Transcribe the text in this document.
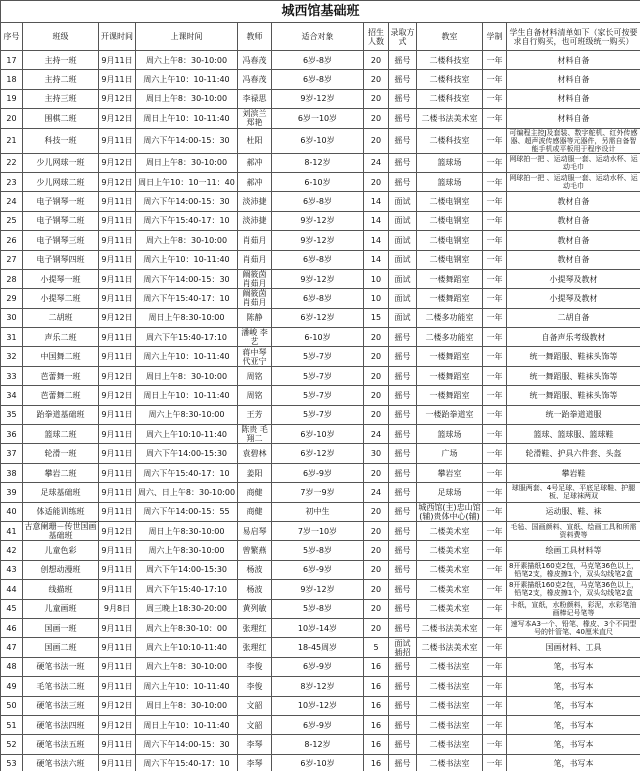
城西馆基础班										
序号	班级	开课时间	上课时间	教师	适合对象	招生人数	录取方式	教室	学制	学生自备材料清单如下（家长可按要求自行购买，也可班级统一购买）
17	主持一班	9月11日	周六上午8：30-10:00	冯春茂	6岁-8岁	20	摇号	二楼科技室	一年	材料自备
18	主持二班	9月11日	周六上午10：10-11:40	冯春茂	6岁-8岁	20	摇号	二楼科技室	一年	材料自备
19	主持三班	9月12日	周日上午8：30-10:00	李禄思	9岁-12岁	20	摇号	二楼科技室	一年	材料自备
20	围棋二班	9月12日	周日上午10：10-11:40	刘滨兰 郑艳	6岁一10岁	20	摇号	二楼书法美术室	一年	材料自备
21	科技一班	9月11日	周六下午14:00-15：30	杜阳	6岁-10岁	20	摇号	二楼科技室	一年	可编程主控J及套装、数字舵机、红外传感器、超声波传感器等元器件，另需自备智能手机或平板用于程序设计
22	少儿网球一班	9月12日	周日上午8：30-10:00	郝冲	8-12岁	24	摇号	篮球场	一年	网球拍一把 、运动服一套、运动水杯、运动毛巾
23	少儿网球二班	9月12日	周日上午10：10一11：40	郝冲	6-10岁	20	摇号	篮球场	一年	网球拍一把 、运动服一套、运动水杯、运动毛巾
24	电子钢琴一班	9月11日	周六下午14:00-15：30	淡沛捷	6岁-8岁	14	面试	二楼电钢室	一年	教材自备
25	电子钢琴二班	9月11日	周六下午15:40-17：10	淡沛捷	9岁-12岁	14	面试	二楼电钢室	一年	教材自备
26	电子钢琴三班	9月11日	周六上午8：30-10:00	肖茹月	9岁-12岁	14	面试	二楼电钢室	一年	教材自备
27	电子钢琴四班	9月11日	周六上午10：10-11:40	肖茹月	6岁-8岁	14	面试	二楼电钢室	一年	教材自备
28	小提琴一班	9月11日	周六下午14:00-15：30	阚筱茵 肖茹月	9岁-12岁	10	面试	一楼舞蹈室	一年	小提琴及教材
29	小提琴二班	9月11日	周六下午15:40-17：10	阚筱茵 肖茹月	6岁-8岁	10	面试	一楼舞蹈室	一年	小提琴及教材
30	二胡班	9月12日	周日上午8:30-10:00	陈静	6岁-12岁	15	面试	二楼多功能室	一年	二胡自备
31	声乐二班	9月11日	周六下午15:40-17:10	潘峻 李艺	6-10岁	20	摇号	二楼多功能室	一年	自备声乐考级教材
32	中国舞二班	9月11日	周六上午10：10-11:40	蒋中琴 代亚宁	5岁-7岁	20	摇号	一楼舞蹈室	一年	统一舞蹈服、鞋袜头饰等
33	芭蕾舞一班	9月12日	周日上午8：30-10:00	周铭	5岁-7岁	20	摇号	一楼舞蹈室	一年	统一舞蹈服、鞋袜头饰等
34	芭蕾舞二班	9月12日	周日上午10：10-11:40	周铭	5岁-7岁	20	摇号	一楼舞蹈室	一年	统一舞蹈服、鞋袜头饰等
35	跆拳道基础班	9月11日	周六上午8:30-10:00	王芳	5岁-7岁	20	摇号	一楼跆拳道室	一年	统一跆拳道道服
36	篮球二班	9月11日	周六上午10:10-11:40	陈贵 毛翔二	6岁-10岁	24	摇号	篮球场	一年	篮球、篮球服、篮球鞋
37	轮滑一班	9月11日	周六下午14:00-15:30	袁碧林	6岁-12岁	30	摇号	广场	一年	轮滑鞋、护具六件套、头盔
38	攀岩二班	9月11日	周六下午15:40-17：10	姜阳	6岁-9岁	20	摇号	攀岩室	一年	攀岩鞋
39	足球基础班	9月11日	周六、日上午8：30-10:00	商健	7岁一9岁	24	摇号	足球场	一年	球服两套、4号足球、平底足球鞋、护腿板、足球袜两双
40	体适能训练班	9月11日	周六下午14:00-15：55	商健	初中生	20	摇号	城西馆(主)忠山馆(辅)贵体中心(辅)	一年	运动服、鞋、袜
41	古意阑珊－传世国画基础班	9月12日	周日上午8:30-10:00	易启琴	7岁一10岁	20	摇号	二楼美术室	一年	毛毡、国画颜料、宣纸、绘画工具和所需资料费等
42	儿童色彩	9月11日	周六上午8:30-10:00	曾繁燕	5岁-8岁	20	摇号	二楼美术室	一年	绘画工具材料等
43	创想动漫班	9月11日	周六下午14:00-15:30	杨波	6岁-9岁	20	摇号	二楼美术室	一年	8开素描纸160克2包，马克笔36色以上，铅笔2支，橡皮擦1个，双头勾线笔2盒
44	线描班	9月11日	周六下午15:40-17:10	杨波	9岁-12岁	20	摇号	二楼美术室	一年	8开素描纸160克2包，马克笔36色以上，铅笔2支，橡皮擦1个，双头勾线笔2盒
45	儿童画班	9月8日	周三晚上18:30-20:00	黄列敏	5岁-8岁	20	摇号	二楼美术室	一年	卡纸，宣纸，水粉颜料，彩泥，水彩笔油画棒记号笔等
46	国画一班	9月11日	周六上午8:30-10：00	张理红	10岁-14岁	20	摇号	二楼书法美术室	一年	速写本A3一个、铅笔、橡皮、3个不同型号的针管笔、40厘米直尺
47	国画二班	9月11日	周六上午10:10-11:40	张理红	18-45周岁	5	面试 插招	二楼书法美术室	一年	国画材料、工具
48	硬笔书法一班	9月11日	周六上午8：30-10:00	李俊	6岁-9岁	16	摇号	二楼书法室	一年	笔，书写本
49	毛笔书法二班	9月11日	周六上午10：10-11:40	李俊	8岁-12岁	16	摇号	二楼书法室	一年	笔，书写本
50	硬笔书法三班	9月12日	周日上午8：30-10:00	文韶	10岁-12岁	16	摇号	二楼书法室	一年	笔，书写本
51	硬笔书法四班	9月12日	周日上午10：10-11:40	文韶	6岁-9岁	16	摇号	二楼书法室	一年	笔，书写本
52	硬笔书法五班	9月11日	周六下午14:00-15：30	李琴	8-12岁	16	摇号	二楼书法室	一年	笔，书写本
53	硬笔书法六班	9月11日	周六下午15:40-17：10	李琴	6岁-10岁	16	摇号	二楼书法室	一年	笔，书写本
